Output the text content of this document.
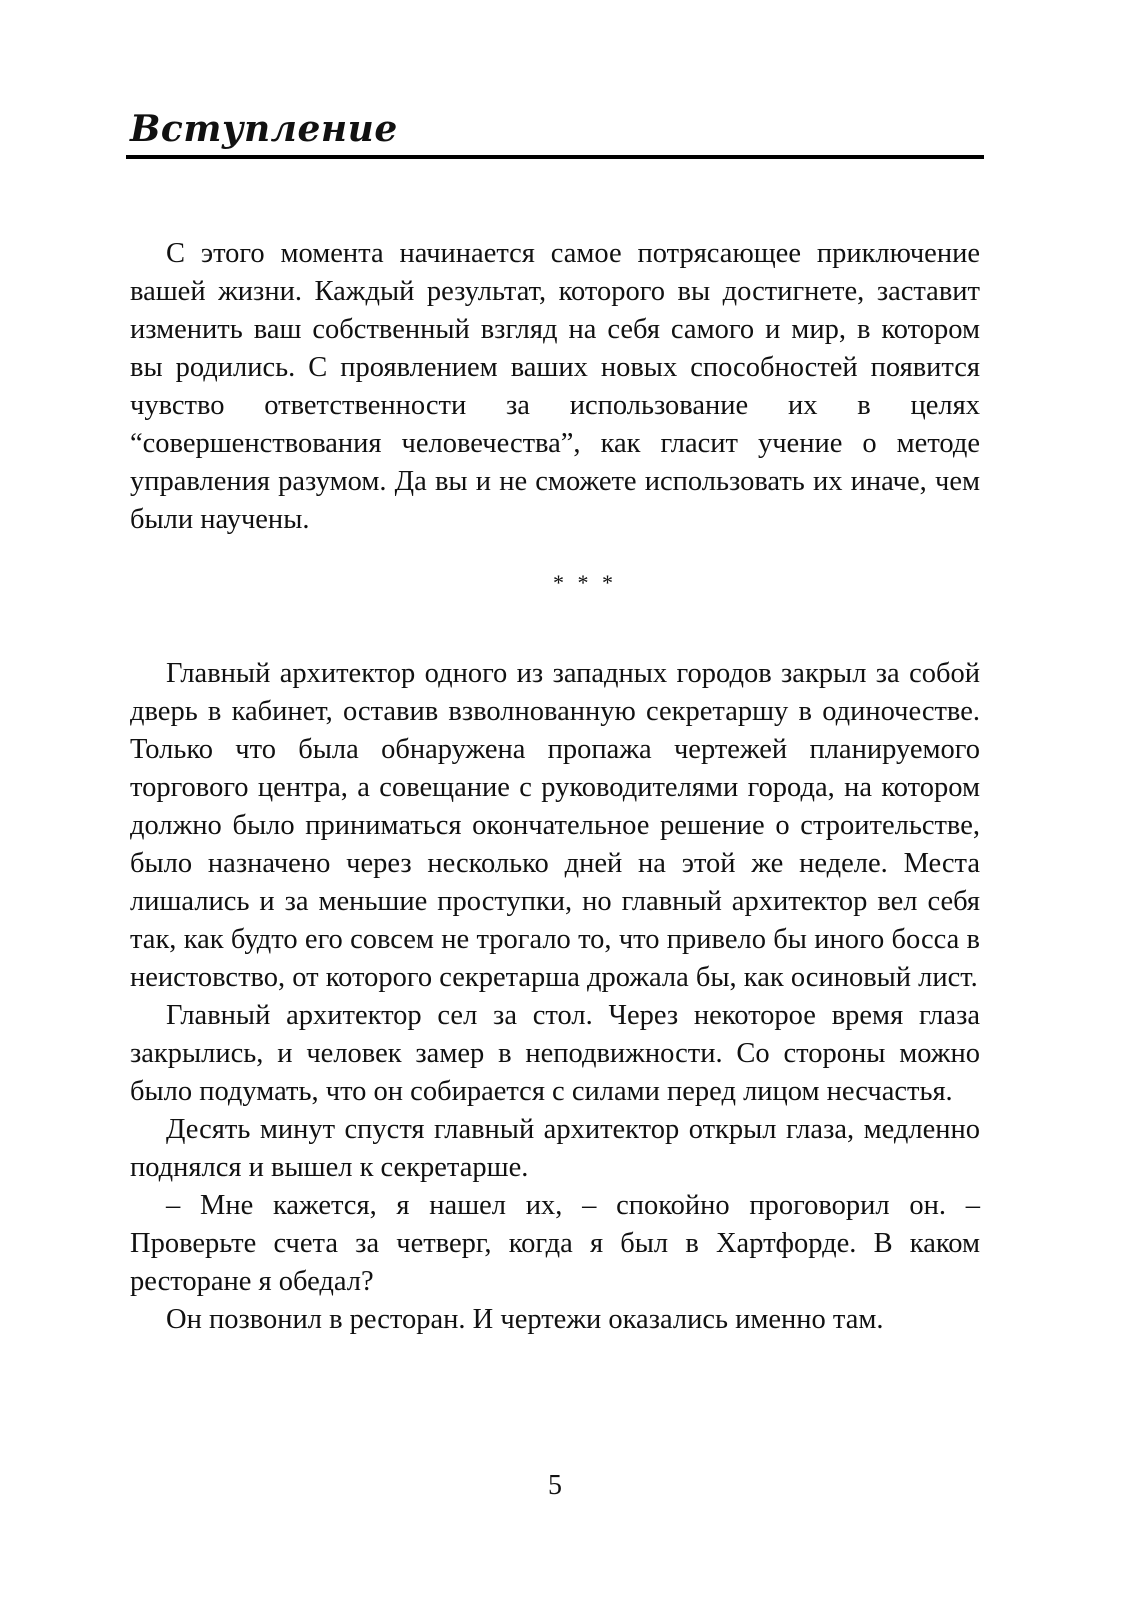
Вступление

С этого момента начинается самое потрясающее приключение вашей жизни. Каждый результат, которого вы достигнете, заставит изменить ваш собственный взгляд на себя самого и мир, в котором вы родились. С проявлением ваших новых способностей появится чувство ответственности за использование их в целях “совершенствования человечества”, как гласит учение о методе управления разумом. Да вы и не сможете использовать их иначе, чем были научены.

* * *

Главный архитектор одного из западных городов закрыл за собой дверь в кабинет, оставив взволнованную секретаршу в одиночестве. Только что была обнаружена пропажа чертежей планируемого торгового центра, а совещание с руководителями города, на котором должно было приниматься окончательное решение о строительстве, было назначено через несколько дней на этой же неделе. Места лишались и за меньшие проступки, но главный архитектор вел себя так, как будто его совсем не трогало то, что привело бы иного босса в неистовство, от которого секретарша дрожала бы, как осиновый лист.

Главный архитектор сел за стол. Через некоторое время глаза закрылись, и человек замер в неподвижности. Со стороны можно было подумать, что он собирается с силами перед лицом несчастья.

Десять минут спустя главный архитектор открыл глаза, медленно поднялся и вышел к секретарше.

– Мне кажется, я нашел их, – спокойно проговорил он. – Проверьте счета за четверг, когда я был в Хартфорде. В каком ресторане я обедал?

Он позвонил в ресторан. И чертежи оказались именно там.

5
